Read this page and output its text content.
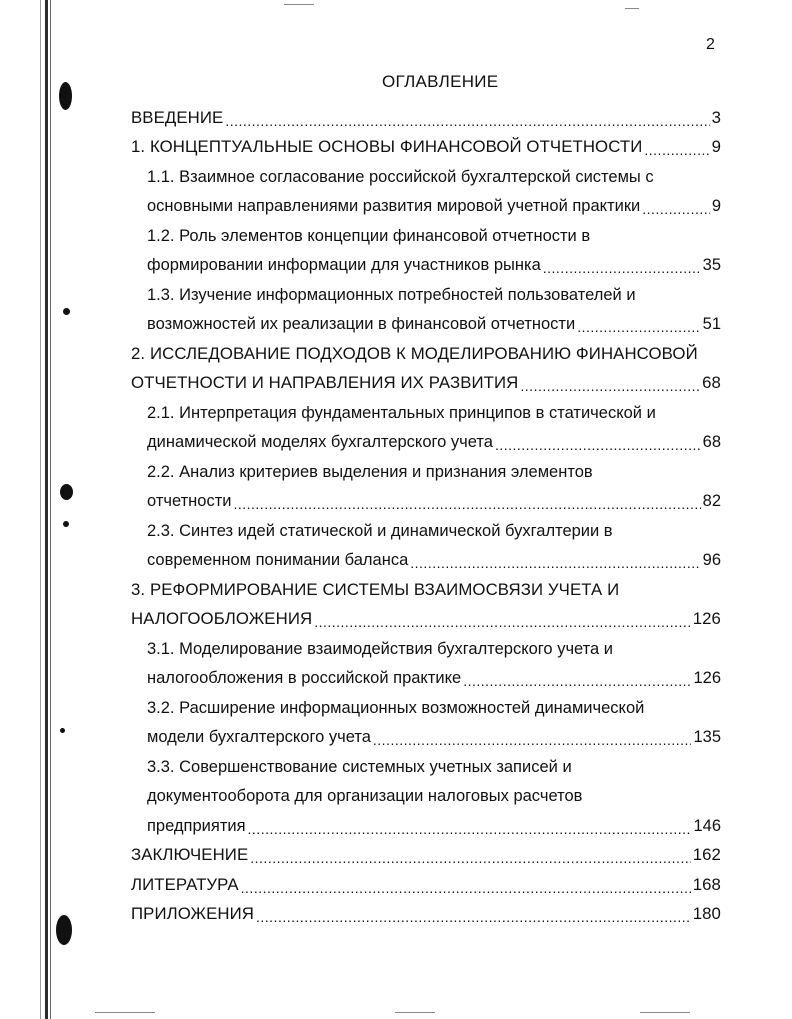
2
ОГЛАВЛЕНИЕ
ВВЕДЕНИЕ .....	3
1. КОНЦЕПТУАЛЬНЫЕ ОСНОВЫ ФИНАНСОВОЙ ОТЧЕТНОСТИ .....	9
1.1. Взаимное согласование российской бухгалтерской системы с
основными направлениями развития мировой учетной практики .....	9
1.2. Роль элементов концепции финансовой отчетности в
формировании информации для участников рынка .....	35
1.3. Изучение информационных потребностей пользователей и
возможностей их реализации в финансовой отчетности .....	51
2. ИССЛЕДОВАНИЕ ПОДХОДОВ К МОДЕЛИРОВАНИЮ ФИНАНСОВОЙ
ОТЧЕТНОСТИ И НАПРАВЛЕНИЯ ИХ РАЗВИТИЯ .....	68
2.1. Интерпретация фундаментальных принципов в статической и
динамической моделях бухгалтерского учета .....	68
2.2. Анализ критериев выделения и признания элементов
отчетности .....	82
2.3. Синтез идей статической и динамической бухгалтерии в
современном понимании баланса .....	96
3. РЕФОРМИРОВАНИЕ СИСТЕМЫ ВЗАИМОСВЯЗИ УЧЕТА И
НАЛОГООБЛОЖЕНИЯ .....	126
3.1. Моделирование взаимодействия бухгалтерского учета и
налогообложения в российской практике .....	126
3.2. Расширение информационных возможностей динамической
модели бухгалтерского учета .....	135
3.3. Совершенствование системных учетных записей и
документооборота для организации налоговых расчетов
предприятия .....	146
ЗАКЛЮЧЕНИЕ .....	162
ЛИТЕРАТУРА .....	168
ПРИЛОЖЕНИЯ .....	180
